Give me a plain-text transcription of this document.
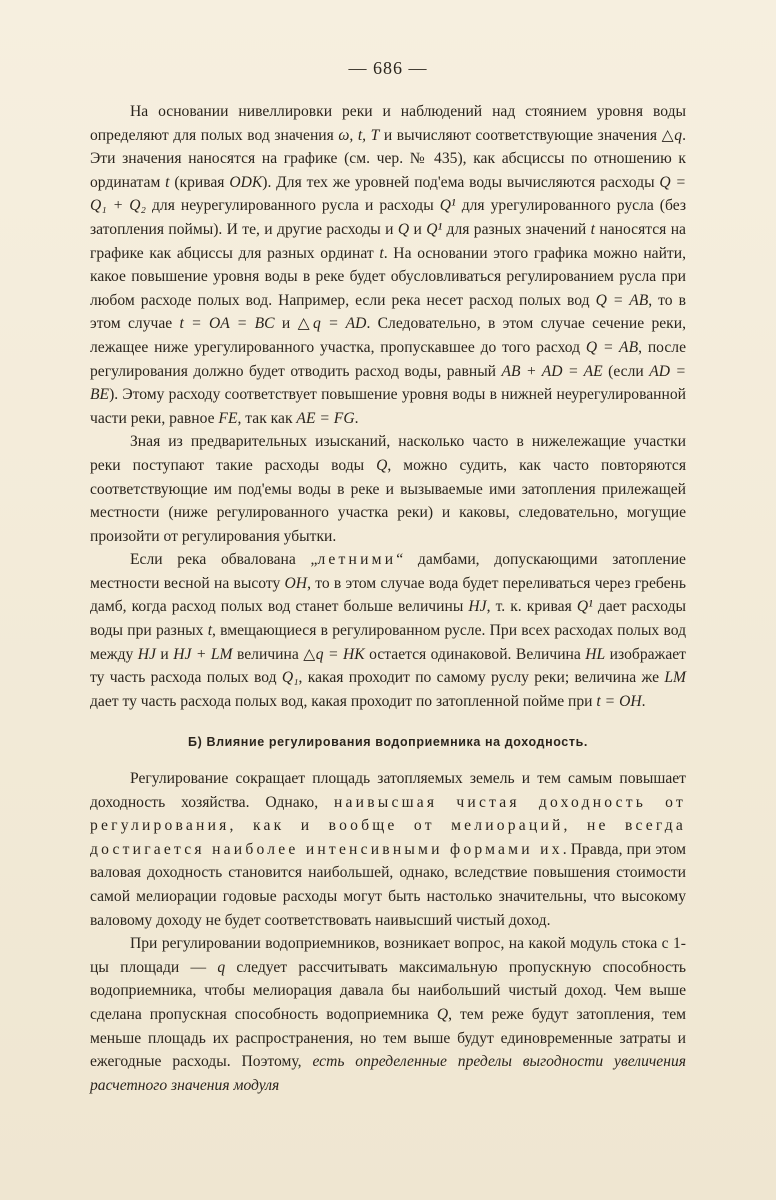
— 686 —

На основании нивеллировки реки и наблюдений над стоянием уровня воды определяют для полых вод значения ω, t, T и вычисляют соответствующие значения △q. Эти значения наносятся на графике (см. чер. № 435), как абсциссы по отношению к ординатам t (кривая ODK). Для тех же уровней под'ема воды вычисляются расходы Q = Q₁ + Q₂ для неурегулированного русла и расходы Q¹ для урегулированного русла (без затопления поймы). И те, и другие расходы и Q и Q¹ для разных значений t наносятся на графике как абциссы для разных ординат t. На основании этого графика можно найти, какое повышение уровня воды в реке будет обусловливаться регулированием русла при любом расходе полых вод. Например, если река несет расход полых вод Q = AB, то в этом случае t = OA = BC и △q = AD. Следовательно, в этом случае сечение реки, лежащее ниже урегулированного участка, пропускавшее до того расход Q = AB, после регулирования должно будет отводить расход воды, равный AB + AD = AE (если AD = BE). Этому расходу соответствует повышение уровня воды в нижней неурегулированной части реки, равное FE, так как AE = FG.

Зная из предварительных изысканий, насколько часто в нижележащие участки реки поступают такие расходы воды Q, можно судить, как часто повторяются соответствующие им под'емы воды в реке и вызываемые ими затопления прилежащей местности (ниже регулированного участка реки) и каковы, следовательно, могущие произойти от регулирования убытки.

Если река обвалована „летними“ дамбами, допускающими затопление местности весной на высоту OH, то в этом случае вода будет переливаться через гребень дамб, когда расход полых вод станет больше величины HJ, т. к. кривая Q¹ дает расходы воды при разных t, вмещающиеся в регулированном русле. При всех расходах полых вод между HJ и HJ + LM величина △q = HK остается одинаковой. Величина HL изображает ту часть расхода полых вод Q₁, какая проходит по самому руслу реки; величина же LM дает ту часть расхода полых вод, какая проходит по затопленной пойме при t = OH.

Б) Влияние регулирования водоприемника на доходность.

Регулирование сокращает площадь затопляемых земель и тем самым повышает доходность хозяйства. Однако, наивысшая чистая доходность от регулирования, как и вообще от мелиораций, не всегда достигается наиболее интенсивными формами их. Правда, при этом валовая доходность становится наибольшей, однако, вследствие повышения стоимости самой мелиорации годовые расходы могут быть настолько значительны, что высокому валовому доходу не будет соответствовать наивысший чистый доход.

При регулировании водоприемников, возникает вопрос, на какой модуль стока с 1-цы площади — q следует рассчитывать максимальную пропускную способность водоприемника, чтобы мелиорация давала бы наибольший чистый доход. Чем выше сделана пропускная способность водоприемника Q, тем реже будут затопления, тем меньше площадь их распространения, но тем выше будут единовременные затраты и ежегодные расходы. Поэтому, есть определенные пределы выгодности увеличения расчетного значения модуля
